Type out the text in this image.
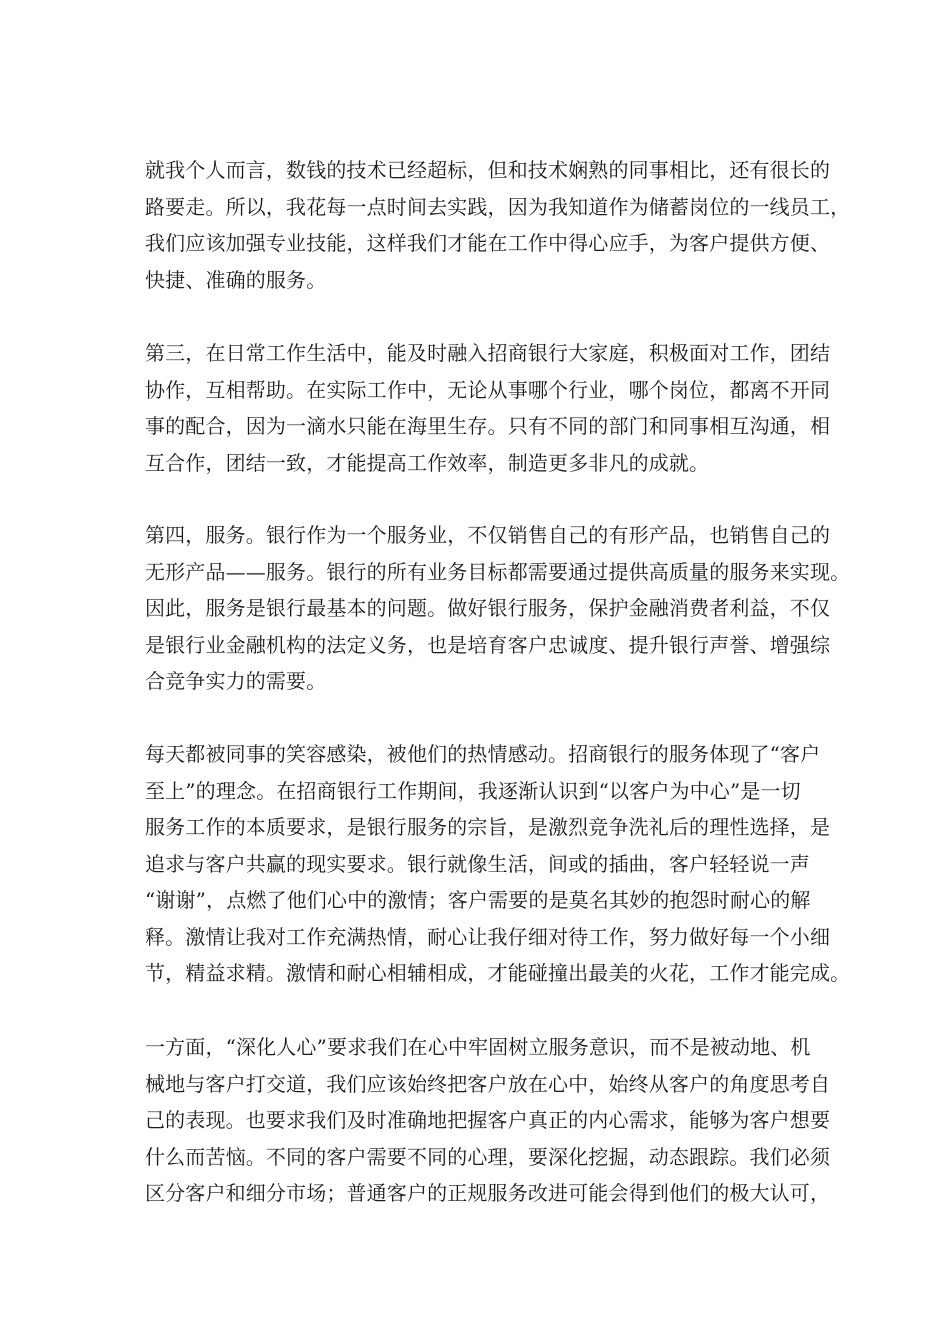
就我个人而言，数钱的技术已经超标，但和技术娴熟的同事相比，还有很长的
路要走。所以，我花每一点时间去实践，因为我知道作为储蓄岗位的一线员工，
我们应该加强专业技能，这样我们才能在工作中得心应手，为客户提供方便、
快捷、准确的服务。
第三，在日常工作生活中，能及时融入招商银行大家庭，积极面对工作，团结
协作，互相帮助。在实际工作中，无论从事哪个行业，哪个岗位，都离不开同
事的配合，因为一滴水只能在海里生存。只有不同的部门和同事相互沟通，相
互合作，团结一致，才能提高工作效率，制造更多非凡的成就。
第四，服务。银行作为一个服务业，不仅销售自己的有形产品，也销售自己的
无形产品——服务。银行的所有业务目标都需要通过提供高质量的服务来实现。
因此，服务是银行最基本的问题。做好银行服务，保护金融消费者利益，不仅
是银行业金融机构的法定义务，也是培育客户忠诚度、提升银行声誉、增强综
合竞争实力的需要。
每天都被同事的笑容感染，被他们的热情感动。招商银行的服务体现了“客户
至上”的理念。在招商银行工作期间，我逐渐认识到“以客户为中心”是一切
服务工作的本质要求，是银行服务的宗旨，是激烈竞争洗礼后的理性选择，是
追求与客户共赢的现实要求。银行就像生活，间或的插曲，客户轻轻说一声
“谢谢”，点燃了他们心中的激情；客户需要的是莫名其妙的抱怨时耐心的解
释。激情让我对工作充满热情，耐心让我仔细对待工作，努力做好每一个小细
节，精益求精。激情和耐心相辅相成，才能碰撞出最美的火花，工作才能完成。
一方面，“深化人心”要求我们在心中牢固树立服务意识，而不是被动地、机
械地与客户打交道，我们应该始终把客户放在心中，始终从客户的角度思考自
己的表现。也要求我们及时准确地把握客户真正的内心需求，能够为客户想要
什么而苦恼。不同的客户需要不同的心理，要深化挖掘，动态跟踪。我们必须
区分客户和细分市场；普通客户的正规服务改进可能会得到他们的极大认可，
